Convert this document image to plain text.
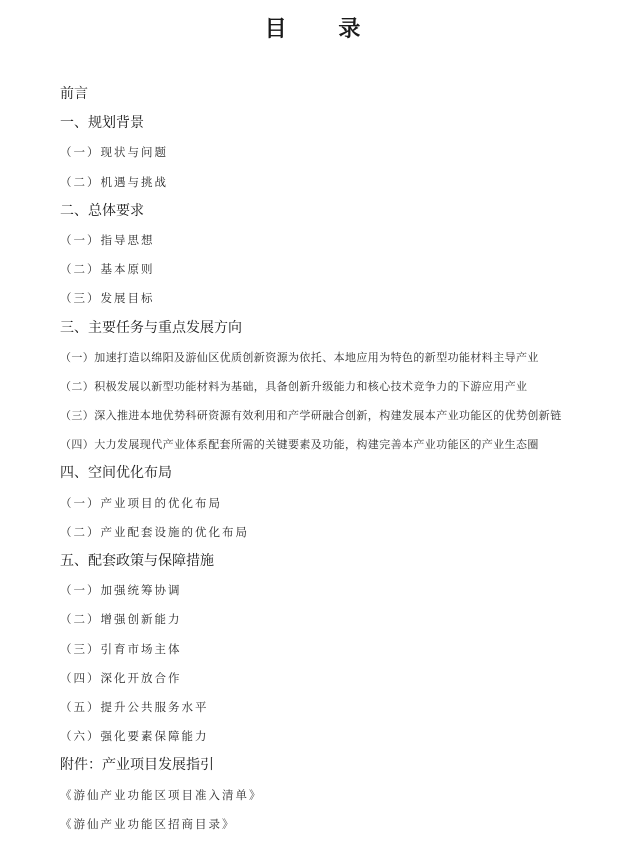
目 录
前言
一、规划背景
（一）现状与问题
（二）机遇与挑战
二、总体要求
（一）指导思想
（二）基本原则
（三）发展目标
三、主要任务与重点发展方向
（一）加速打造以绵阳及游仙区优质创新资源为依托、本地应用为特色的新型功能材料主导产业
（二）积极发展以新型功能材料为基础，具备创新升级能力和核心技术竞争力的下游应用产业
（三）深入推进本地优势科研资源有效利用和产学研融合创新，构建发展本产业功能区的优势创新链
（四）大力发展现代产业体系配套所需的关键要素及功能，构建完善本产业功能区的产业生态圈
四、空间优化布局
（一）产业项目的优化布局
（二）产业配套设施的优化布局
五、配套政策与保障措施
（一）加强统筹协调
（二）增强创新能力
（三）引育市场主体
（四）深化开放合作
（五）提升公共服务水平
（六）强化要素保障能力
附件：产业项目发展指引
《游仙产业功能区项目准入清单》
《游仙产业功能区招商目录》
